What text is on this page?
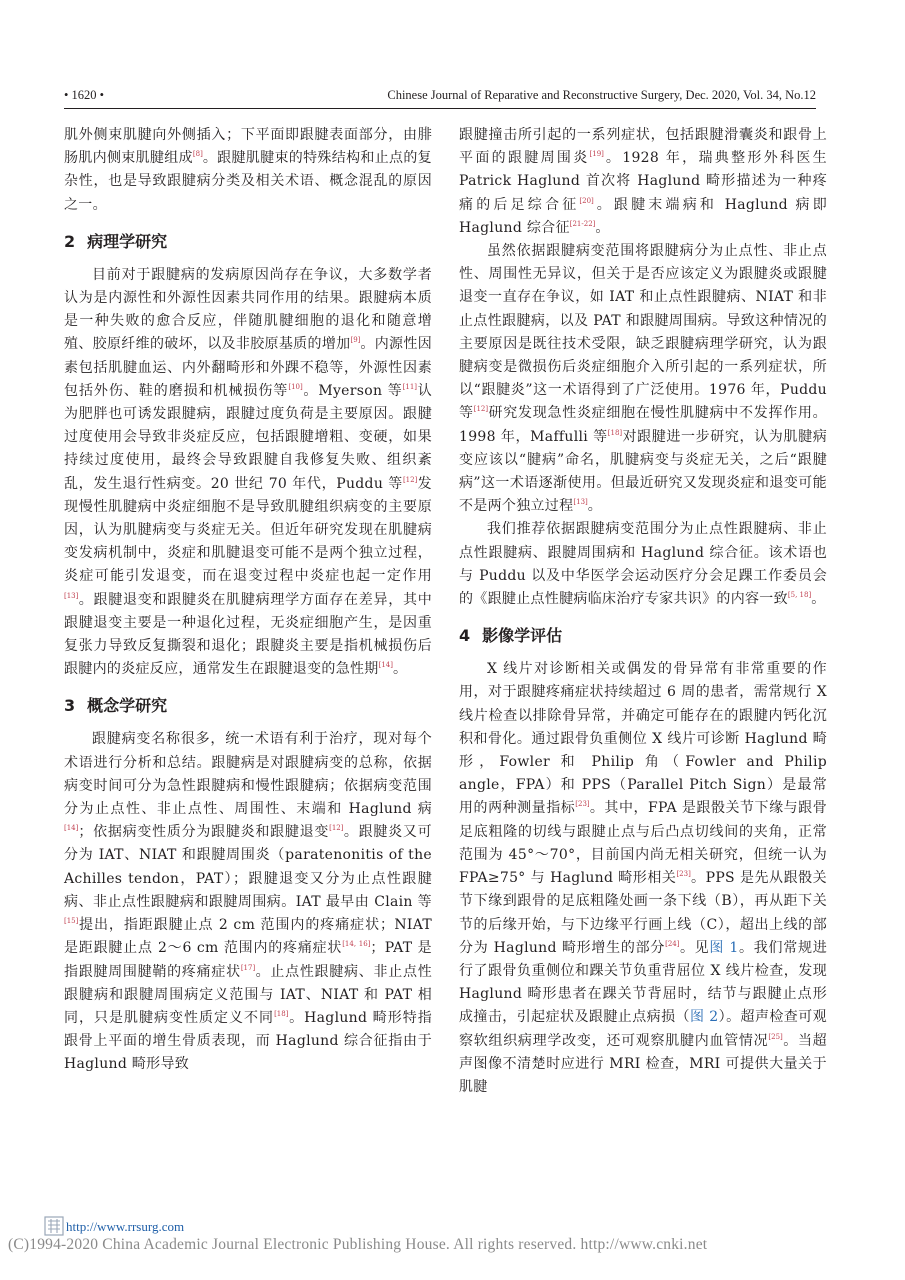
• 1620 •	Chinese Journal of Reparative and Reconstructive Surgery, Dec. 2020, Vol. 34, No.12

肌外侧束肌腱向外侧插入；下平面即跟腱表面部分，由腓肠肌内侧束肌腱组成[8]。跟腱肌腱束的特殊结构和止点的复杂性，也是导致跟腱病分类及相关术语、概念混乱的原因之一。

2 病理学研究

目前对于跟腱病的发病原因尚存在争议，大多数学者认为是内源性和外源性因素共同作用的结果。跟腱病本质是一种失败的愈合反应，伴随肌腱细胞的退化和随意增殖、胶原纤维的破坏，以及非胶原基质的增加[9]。内源性因素包括肌腱血运、内外翻畸形和外踝不稳等，外源性因素包括外伤、鞋的磨损和机械损伤等[10]。Myerson 等[11]认为肥胖也可诱发跟腱病，跟腱过度负荷是主要原因。跟腱过度使用会导致非炎症反应，包括跟腱增粗、变硬，如果持续过度使用，最终会导致跟腱自我修复失败、组织紊乱，发生退行性病变。20 世纪 70 年代，Puddu 等[12]发现慢性肌腱病中炎症细胞不是导致肌腱组织病变的主要原因，认为肌腱病变与炎症无关。但近年研究发现在肌腱病变发病机制中，炎症和肌腱退变可能不是两个独立过程，炎症可能引发退变，而在退变过程中炎症也起一定作用[13]。跟腱退变和跟腱炎在肌腱病理学方面存在差异，其中跟腱退变主要是一种退化过程，无炎症细胞产生，是因重复张力导致反复撕裂和退化；跟腱炎主要是指机械损伤后跟腱内的炎症反应，通常发生在跟腱退变的急性期[14]。

3 概念学研究

跟腱病变名称很多，统一术语有利于治疗，现对每个术语进行分析和总结。跟腱病是对跟腱病变的总称，依据病变时间可分为急性跟腱病和慢性跟腱病；依据病变范围分为止点性、非止点性、周围性、末端和 Haglund 病[14]；依据病变性质分为跟腱炎和跟腱退变[12]。跟腱炎又可分为 IAT、NIAT 和跟腱周围炎（paratenonitis of the Achilles tendon，PAT）；跟腱退变又分为止点性跟腱病、非止点性跟腱病和跟腱周围病。IAT 最早由 Clain 等[15]提出，指距跟腱止点 2 cm 范围内的疼痛症状；NIAT 是距跟腱止点 2～6 cm 范围内的疼痛症状[14, 16]；PAT 是指跟腱周围腱鞘的疼痛症状[17]。止点性跟腱病、非止点性跟腱病和跟腱周围病定义范围与 IAT、NIAT 和 PAT 相同，只是肌腱病变性质定义不同[18]。Haglund 畸形特指跟骨上平面的增生骨质表现，而 Haglund 综合征指由于 Haglund 畸形导致

跟腱撞击所引起的一系列症状，包括跟腱滑囊炎和跟骨上平面的跟腱周围炎[19]。1928 年，瑞典整形外科医生 Patrick Haglund 首次将 Haglund 畸形描述为一种疼痛的后足综合征[20]。跟腱末端病和 Haglund 病即 Haglund 综合征[21-22]。

虽然依据跟腱病变范围将跟腱病分为止点性、非止点性、周围性无异议，但关于是否应该定义为跟腱炎或跟腱退变一直存在争议，如 IAT 和止点性跟腱病、NIAT 和非止点性跟腱病，以及 PAT 和跟腱周围病。导致这种情况的主要原因是既往技术受限，缺乏跟腱病理学研究，认为跟腱病变是微损伤后炎症细胞介入所引起的一系列症状，所以“跟腱炎”这一术语得到了广泛使用。1976 年，Puddu 等[12]研究发现急性炎症细胞在慢性肌腱病中不发挥作用。1998 年，Maffulli 等[18]对跟腱进一步研究，认为肌腱病变应该以“腱病”命名，肌腱病变与炎症无关，之后“跟腱病”这一术语逐渐使用。但最近研究又发现炎症和退变可能不是两个独立过程[13]。

我们推荐依据跟腱病变范围分为止点性跟腱病、非止点性跟腱病、跟腱周围病和 Haglund 综合征。该术语也与 Puddu 以及中华医学会运动医疗分会足踝工作委员会的《跟腱止点性腱病临床治疗专家共识》的内容一致[5, 18]。

4 影像学评估

X 线片对诊断相关或偶发的骨异常有非常重要的作用，对于跟腱疼痛症状持续超过 6 周的患者，需常规行 X 线片检查以排除骨异常，并确定可能存在的跟腱内钙化沉积和骨化。通过跟骨负重侧位 X 线片可诊断 Haglund 畸形，Fowler 和 Philip 角（Fowler and Philip angle，FPA）和 PPS（Parallel Pitch Sign）是最常用的两种测量指标[23]。其中，FPA 是跟骰关节下缘与跟骨足底粗隆的切线与跟腱止点与后凸点切线间的夹角，正常范围为 45°～70°，目前国内尚无相关研究，但统一认为 FPA≥75° 与 Haglund 畸形相关[23]。PPS 是先从跟骰关节下缘到跟骨的足底粗隆处画一条下线（B），再从距下关节的后缘开始，与下边缘平行画上线（C），超出上线的部分为 Haglund 畸形增生的部分[24]。见图 1。我们常规进行了跟骨负重侧位和踝关节负重背屈位 X 线片检查，发现 Haglund 畸形患者在踝关节背屈时，结节与跟腱止点形成撞击，引起症状及跟腱止点病损（图 2）。超声检查可观察软组织病理学改变，还可观察肌腱内血管情况[25]。当超声图像不清楚时应进行 MRI 检查，MRI 可提供大量关于肌腱

http://www.rrsurg.com
(C)1994-2020 China Academic Journal Electronic Publishing House. All rights reserved. http://www.cnki.net
